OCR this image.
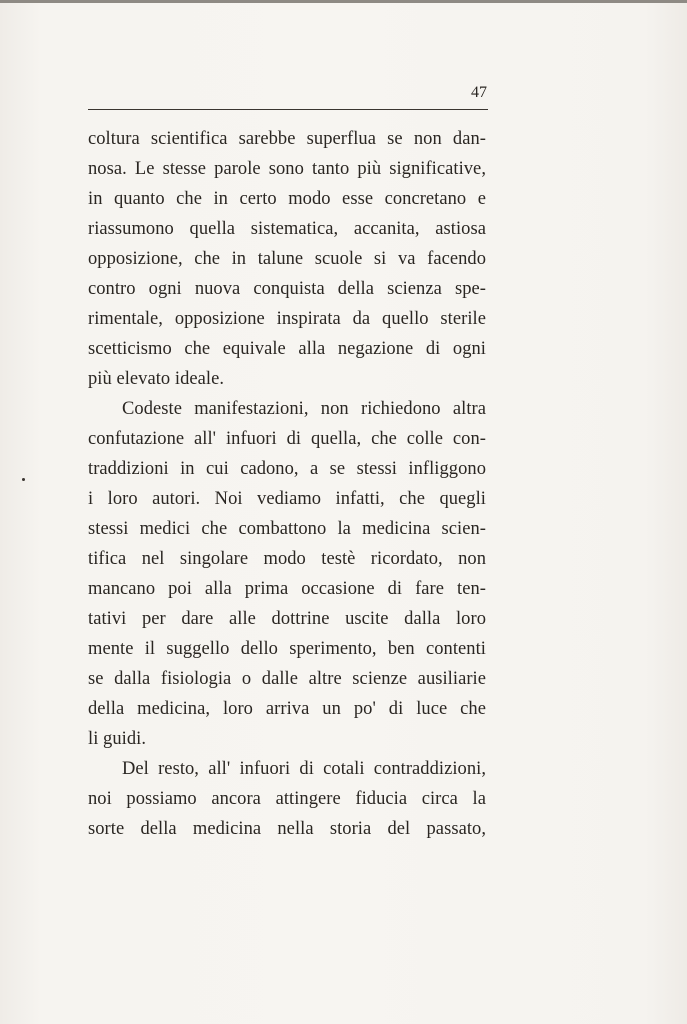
47
coltura scientifica sarebbe superflua se non dan-
nosa. Le stesse parole sono tanto più significative,
in quanto che in certo modo esse concretano e
riassumono quella sistematica, accanita, astiosa
opposizione, che in talune scuole si va facendo
contro ogni nuova conquista della scienza spe-
rimentale, opposizione inspirata da quello sterile
scetticismo che equivale alla negazione di ogni
più elevato ideale.
Codeste manifestazioni, non richiedono altra
confutazione all' infuori di quella, che colle con-
traddizioni in cui cadono, a se stessi infliggono
i loro autori. Noi vediamo infatti, che quegli
stessi medici che combattono la medicina scien-
tifica nel singolare modo testè ricordato, non
mancano poi alla prima occasione di fare ten-
tativi per dare alle dottrine uscite dalla loro
mente il suggello dello sperimento, ben contenti
se dalla fisiologia o dalle altre scienze ausiliarie
della medicina, loro arriva un po' di luce che
li guidi.
Del resto, all' infuori di cotali contraddizioni,
noi possiamo ancora attingere fiducia circa la
sorte della medicina nella storia del passato,
